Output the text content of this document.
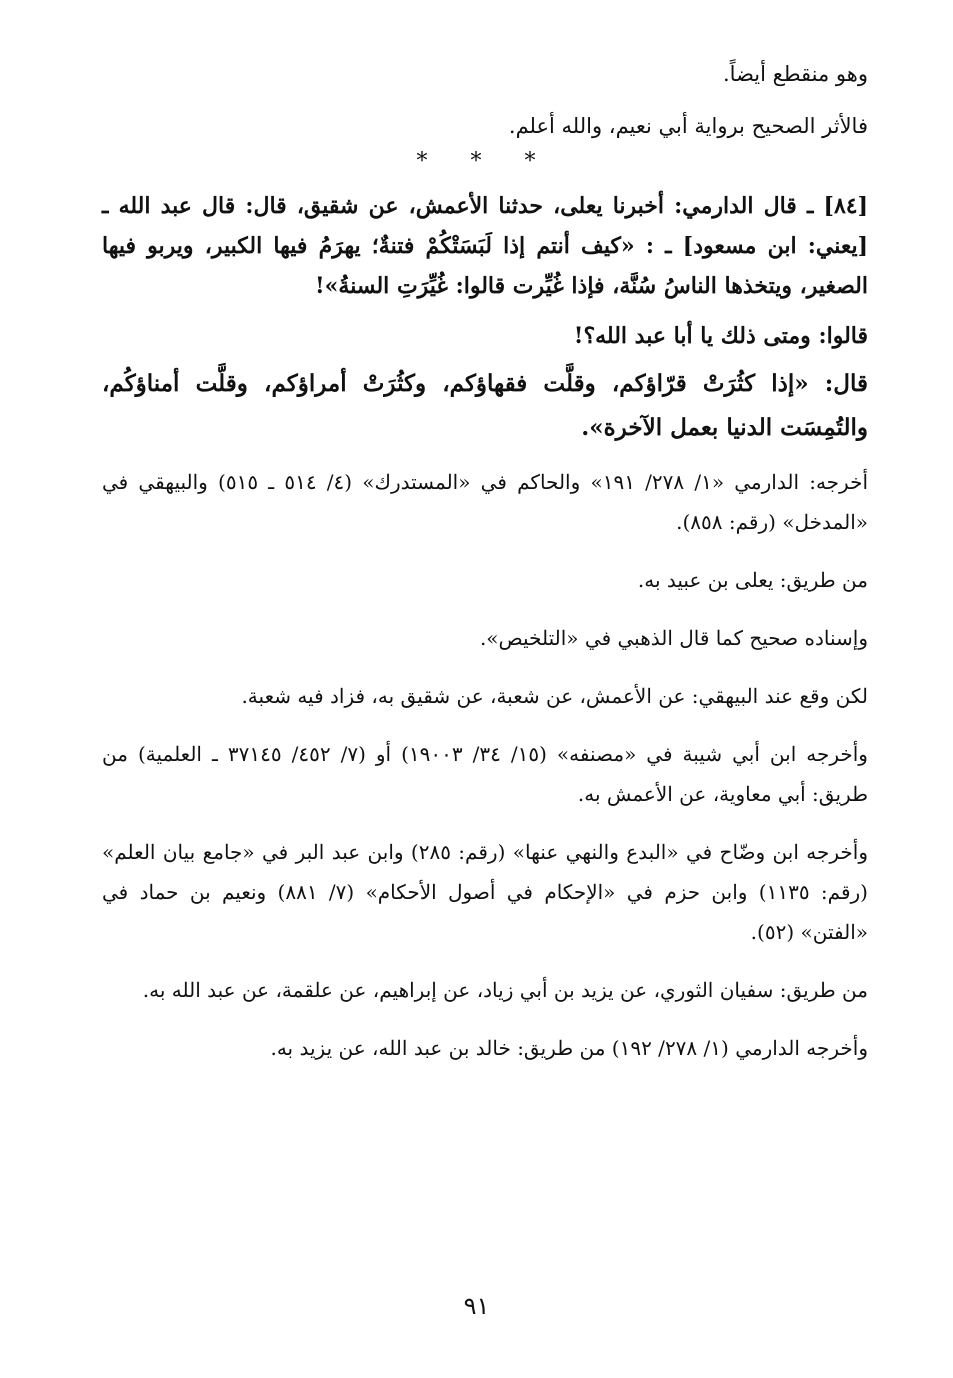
وهو منقطع أيضاً.

فالأثر الصحيح برواية أبي نعيم، والله أعلم.

* * *

[٨٤] ـ قال الدارمي: أخبرنا يعلى، حدثنا الأعمش، عن شقيق، قال: قال عبد الله ـ [يعني: ابن مسعود] ـ : «كيف أنتم إذا لَبَسَتْكُمْ فتنةٌ؛ يهرَمُ فيها الكبير، ويربو فيها الصغير، ويتخذها الناسُ سُنَّة، فإذا غُيِّرت قالوا: غُيِّرَتِ السنةُ»!

قالوا: ومتى ذلك يا أبا عبد الله؟!

قال: «إذا كثُرَتْ قرّاؤكم، وقلَّت فقهاؤكم، وكثُرَتْ أمراؤكم، وقلَّت أمناؤكُم، والتُمِسَت الدنيا بعمل الآخرة».

أخرجه: الدارمي «١/ ٢٧٨/ ١٩١» والحاكم في «المستدرك» (٤/ ٥١٤ ـ ٥١٥) والبيهقي في «المدخل» (رقم: ٨٥٨).

من طريق: يعلى بن عبيد به.

وإسناده صحيح كما قال الذهبي في «التلخيص».

لكن وقع عند البيهقي: عن الأعمش، عن شعبة، عن شقيق به، فزاد فيه شعبة.

وأخرجه ابن أبي شيبة في «مصنفه» (١٥/ ٣٤/ ١٩٠٠٣) أو (٧/ ٤٥٢/ ٣٧١٤٥ ـ العلمية) من طريق: أبي معاوية، عن الأعمش به.

وأخرجه ابن وضّاح في «البدع والنهي عنها» (رقم: ٢٨٥) وابن عبد البر في «جامع بيان العلم» (رقم: ١١٣٥) وابن حزم في «الإحكام في أصول الأحكام» (٧/ ٨٨١) ونعيم بن حماد في «الفتن» (٥٢).

من طريق: سفيان الثوري، عن يزيد بن أبي زياد، عن إبراهيم، عن علقمة، عن عبد الله به.

وأخرجه الدارمي (١/ ٢٧٨/ ١٩٢) من طريق: خالد بن عبد الله، عن يزيد به.

٩١
